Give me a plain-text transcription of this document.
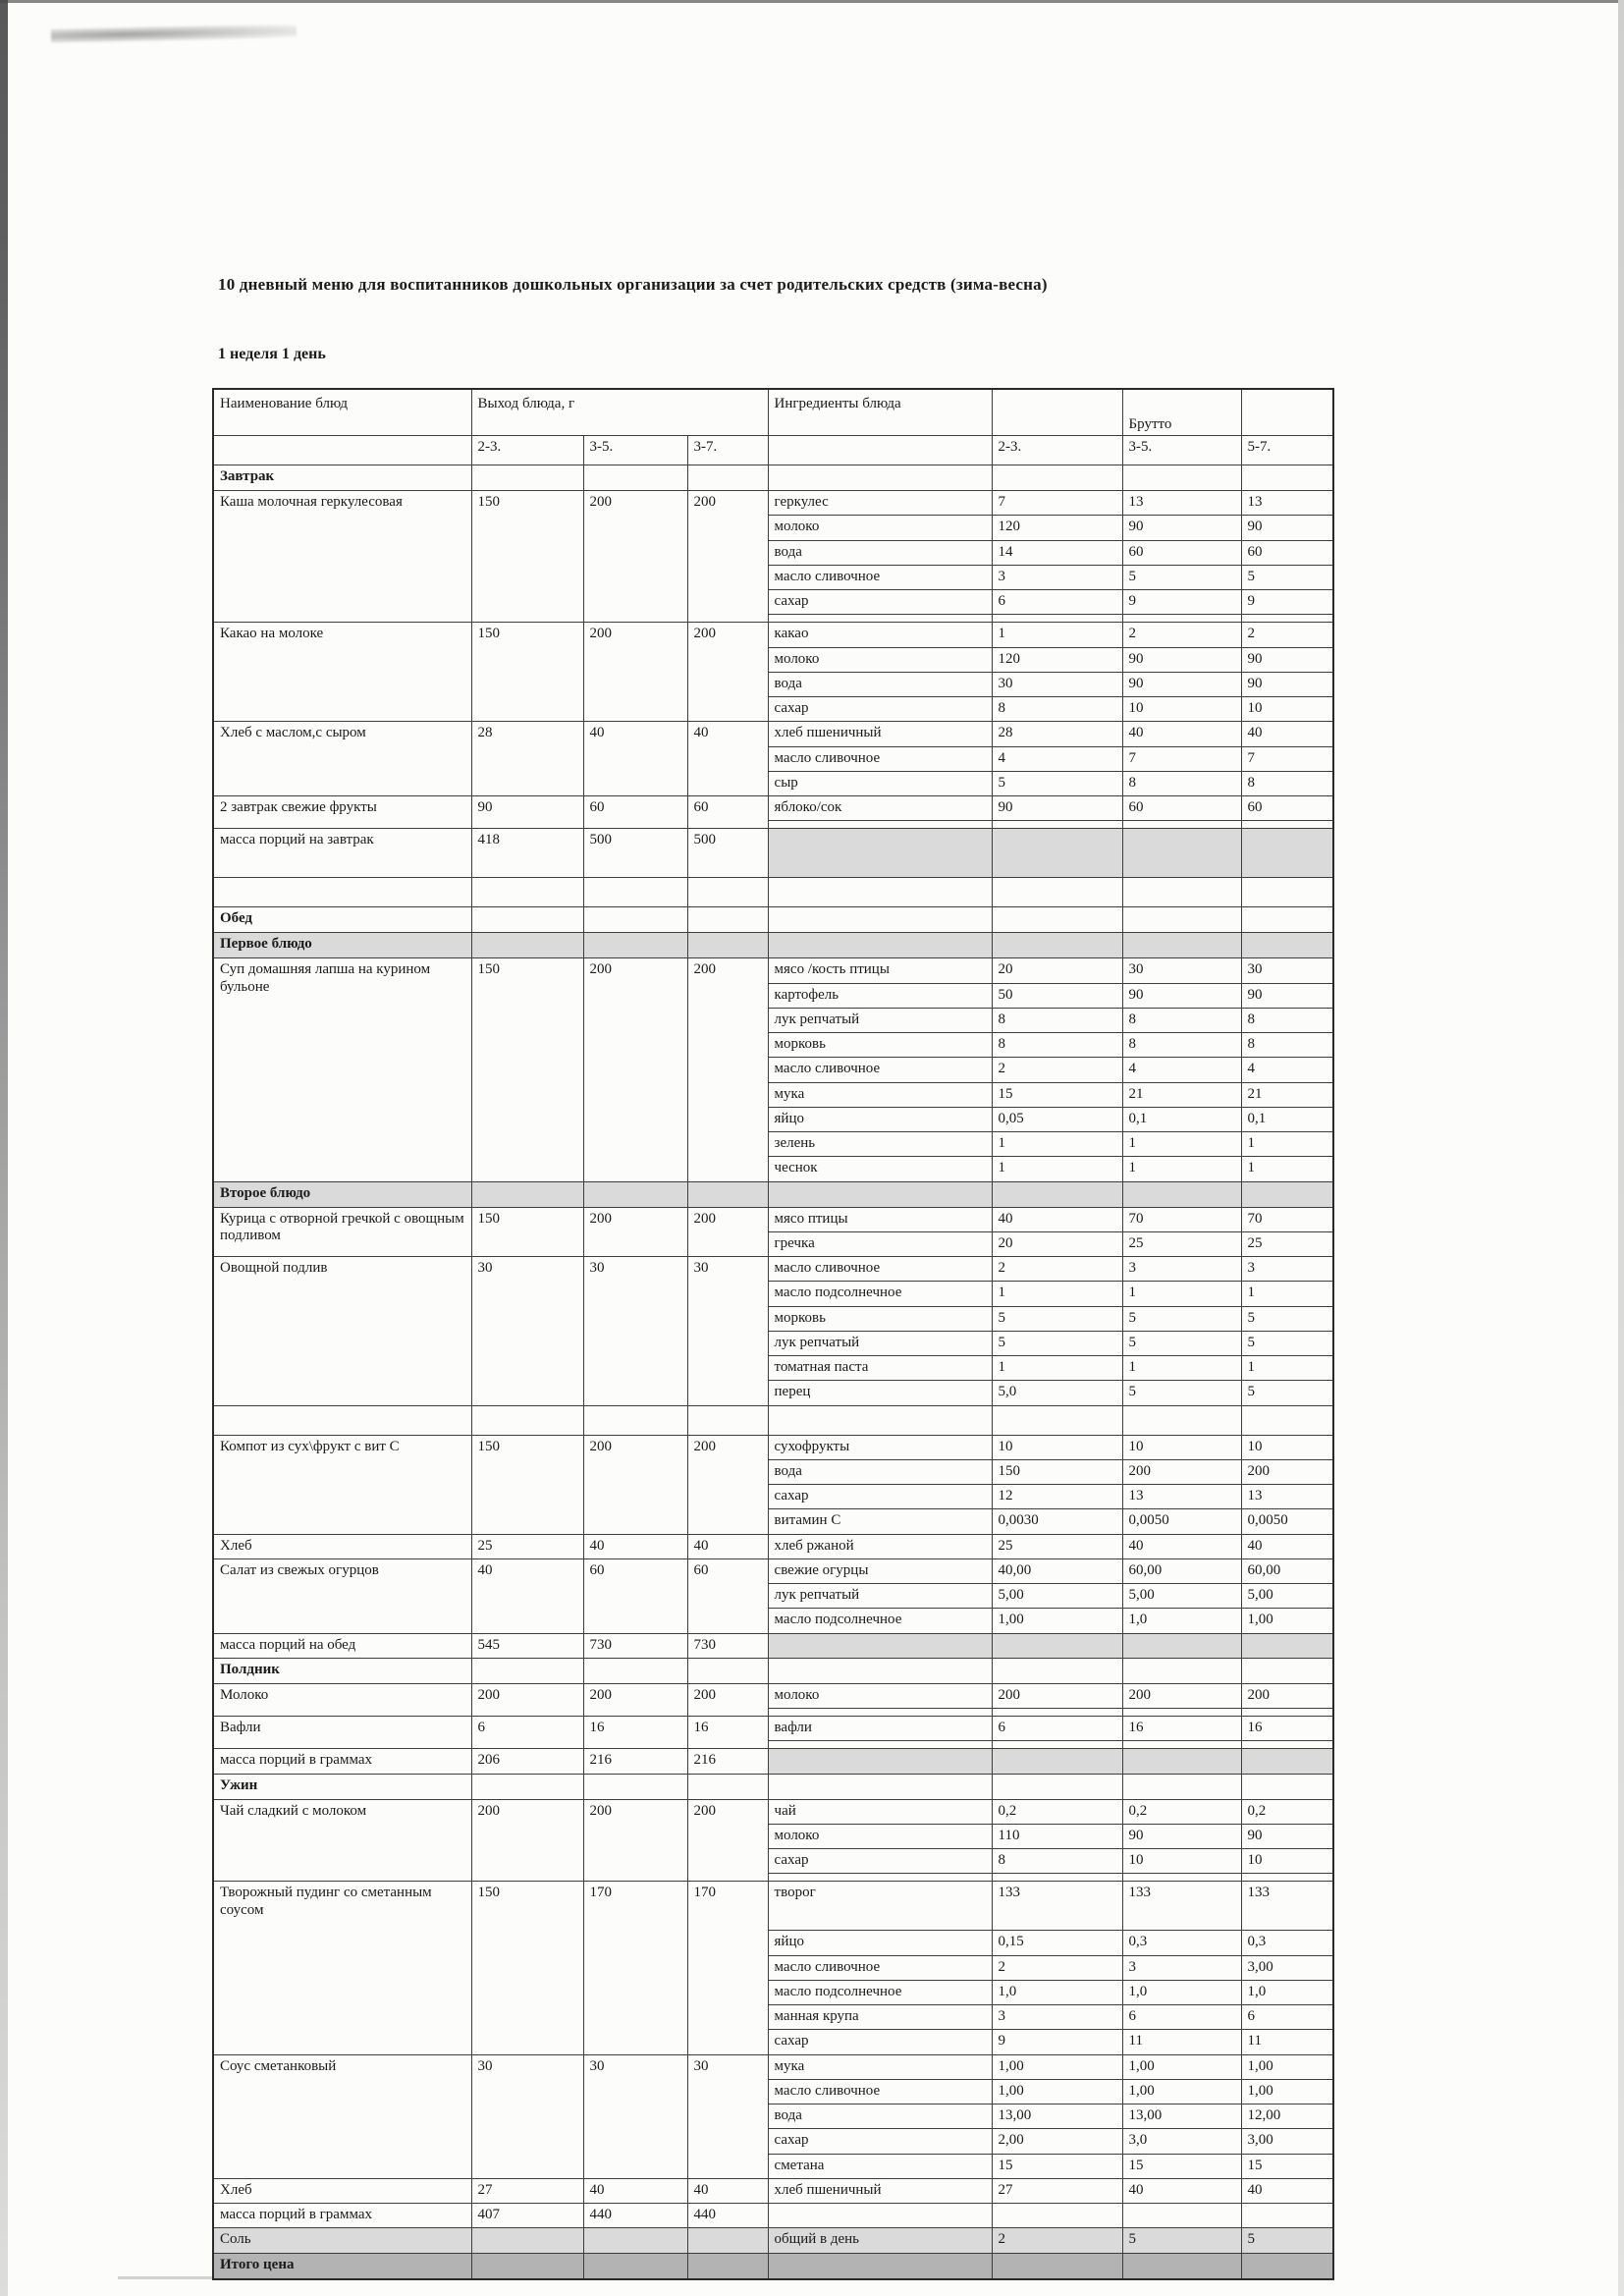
10 дневный меню для воспитанников дошкольных организации за счет родительских средств (зима-весна)
1 неделя 1 день
Наименование блюд	Выход блюда, г			Ингредиенты блюда		Брутто	
	2-3.	3-5.	3-7.		2-3.	3-5.	5-7.
Завтрак							
Каша молочная геркулесовая	150	200	200	геркулес	7	13	13
				молоко	120	90	90
				вода	14	60	60
				масло сливочное	3	5	5
				сахар	6	9	9

Какао на молоке	150	200	200	какао	1	2	2
				молоко	120	90	90
				вода	30	90	90
				сахар	8	10	10
Хлеб с маслом,с сыром	28	40	40	хлеб пшеничный	28	40	40
				масло сливочное	4	7	7
				сыр	5	8	8
2 завтрак свежие фрукты	90	60	60	яблоко/сок	90	60	60

масса порций на завтрак	418	500	500				

Обед							
Первое блюдо							
Суп домашняя лапша на курином бульоне	150	200	200	мясо /кость птицы	20	30	30
				картофель	50	90	90
				лук репчатый	8	8	8
				морковь	8	8	8
				масло сливочное	2	4	4
				мука	15	21	21
				яйцо	0,05	0,1	0,1
				зелень	1	1	1
				чеснок	1	1	1
Второе блюдо							
Курица с отворной гречкой с овощным подливом	150	200	200	мясо птицы	40	70	70
				гречка	20	25	25
Овощной подлив	30	30	30	масло сливочное	2	3	3
				масло подсолнечное	1	1	1
				морковь	5	5	5
				лук репчатый	5	5	5
				томатная паста	1	1	1
				перец	5,0	5	5

Компот из сух\фрукт с вит С	150	200	200	сухофрукты	10	10	10
				вода	150	200	200
				сахар	12	13	13
				витамин С	0,0030	0,0050	0,0050
Хлеб	25	40	40	хлеб ржаной	25	40	40
Салат из свежых огурцов	40	60	60	свежие огурцы	40,00	60,00	60,00
				лук репчатый	5,00	5,00	5,00
				масло подсолнечное	1,00	1,0	1,00
масса порций на обед	545	730	730				
Полдник							
Молоко	200	200	200	молоко	200	200	200

Вафли	6	16	16	вафли	6	16	16

масса порций в граммах	206	216	216				
Ужин							
Чай сладкий с молоком	200	200	200	чай	0,2	0,2	0,2
				молоко	110	90	90
				сахар	8	10	10

Творожный пудинг со сметанным соусом	150	170	170	творог	133	133	133
				яйцо	0,15	0,3	0,3
				масло сливочное	2	3	3,00
				масло подсолнечное	1,0	1,0	1,0
				манная крупа	3	6	6
				сахар	9	11	11
Соус сметанковый	30	30	30	мука	1,00	1,00	1,00
				масло сливочное	1,00	1,00	1,00
				вода	13,00	13,00	12,00
				сахар	2,00	3,0	3,00
				сметана	15	15	15
Хлеб	27	40	40	хлеб пшеничный	27	40	40
масса порций в граммах	407	440	440				
Соль				общий в день	2	5	5
Итого цена							
